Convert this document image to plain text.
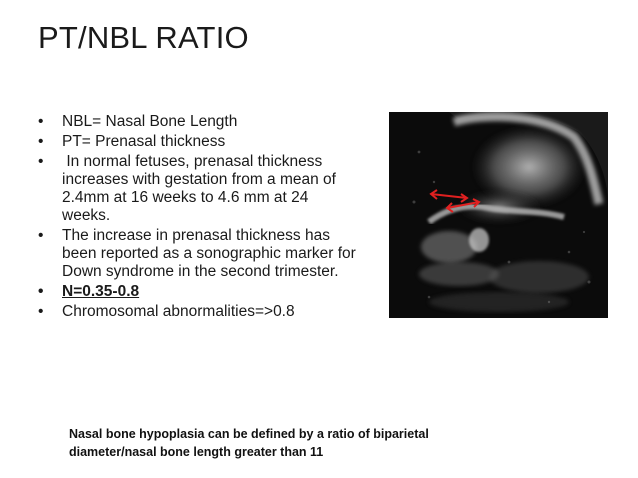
PT/NBL RATIO
• NBL= Nasal Bone Length
• PT= Prenasal thickness
• In normal fetuses, prenasal thickness increases with gestation from a mean of 2.4mm at 16 weeks to 4.6 mm at 24 weeks.
• The increase in prenasal thickness has been reported as a sonographic marker for Down syndrome in the second trimester.
• N=0.35-0.8
• Chromosomal abnormalities=>0.8
Nasal bone hypoplasia can be defined by a ratio of biparietal diameter/nasal bone length greater than 11
